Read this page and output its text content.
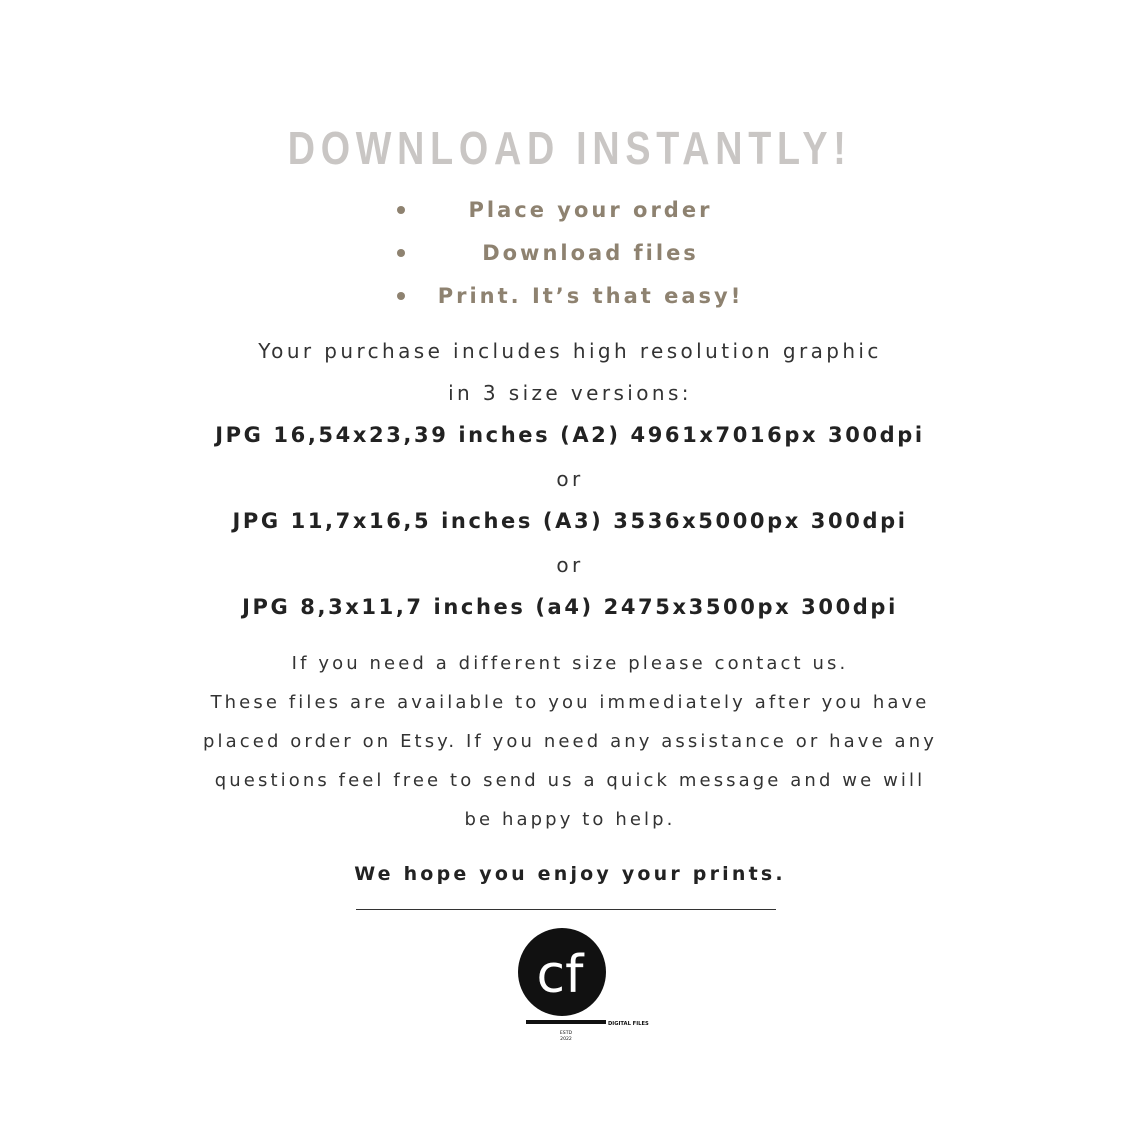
DOWNLOAD INSTANTLY!
Place your order
Download files
Print. It’s that easy!
Your purchase includes high resolution graphic
in 3 size versions:
JPG 16,54x23,39 inches (A2) 4961x7016px 300dpi
or
JPG 11,7x16,5 inches (A3) 3536x5000px 300dpi
or
JPG 8,3x11,7 inches (a4) 2475x3500px 300dpi
If you need a different size please contact us.
These files are available to you immediately after you have
placed order on Etsy. If you need any assistance or have any
questions feel free to send us a quick message and we will
be happy to help.
We hope you enjoy your prints.
cf
DIGITAL FILES
ESTD
2022
